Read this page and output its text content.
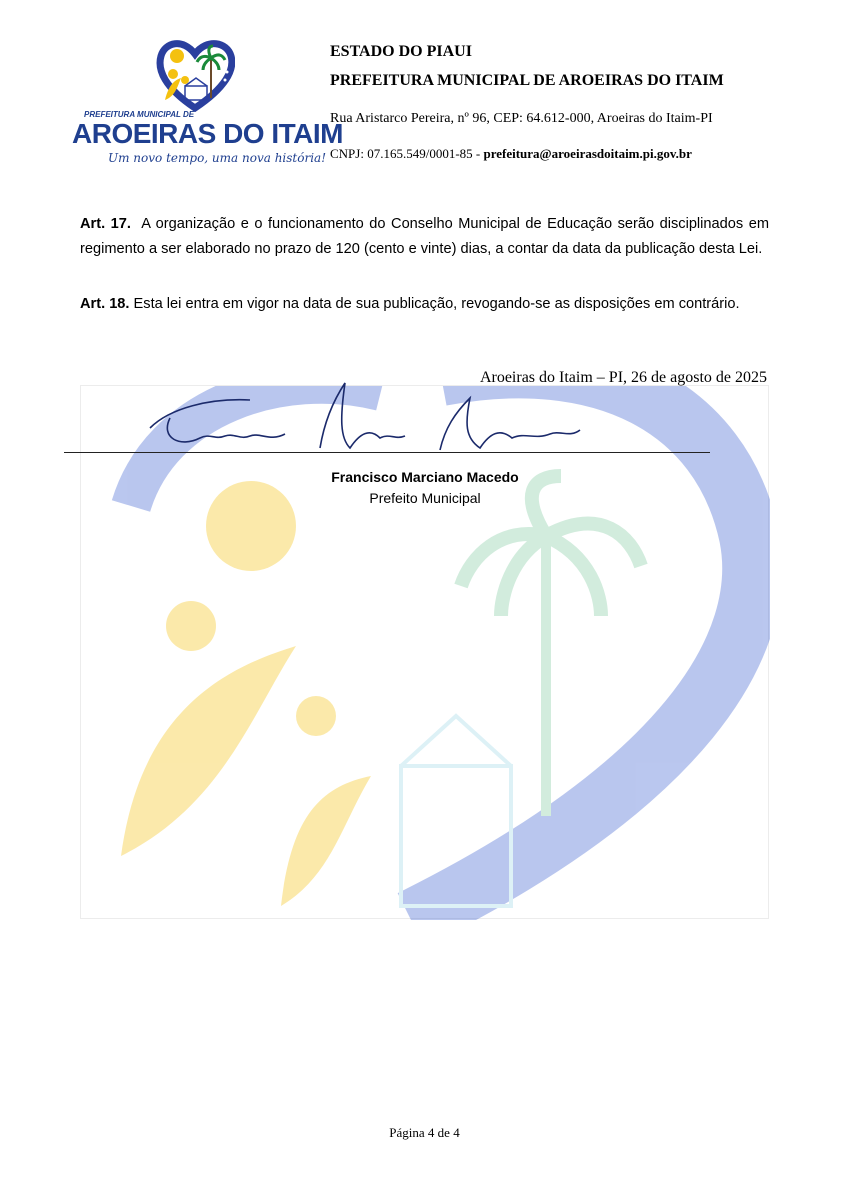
PREFEITURA MUNICIPAL DE
AROEIRAS DO ITAIM
Um novo tempo, uma nova história!
ESTADO DO PIAUI
PREFEITURA MUNICIPAL DE AROEIRAS DO ITAIM
Rua Aristarco Pereira, nº 96, CEP: 64.612-000, Aroeiras do Itaim-PI
CNPJ: 07.165.549/0001-85 - prefeitura@aroeirasdoitaim.pi.gov.br
Art. 17. A organização e o funcionamento do Conselho Municipal de Educação serão disciplinados em regimento a ser elaborado no prazo de 120 (cento e vinte) dias, a contar da data da publicação desta Lei.
Art. 18. Esta lei entra em vigor na data de sua publicação, revogando-se as disposições em contrário.
Aroeiras do Itaim – PI, 26 de agosto de 2025
Francisco Marciano Macedo
Prefeito Municipal
Página 4 de 4
